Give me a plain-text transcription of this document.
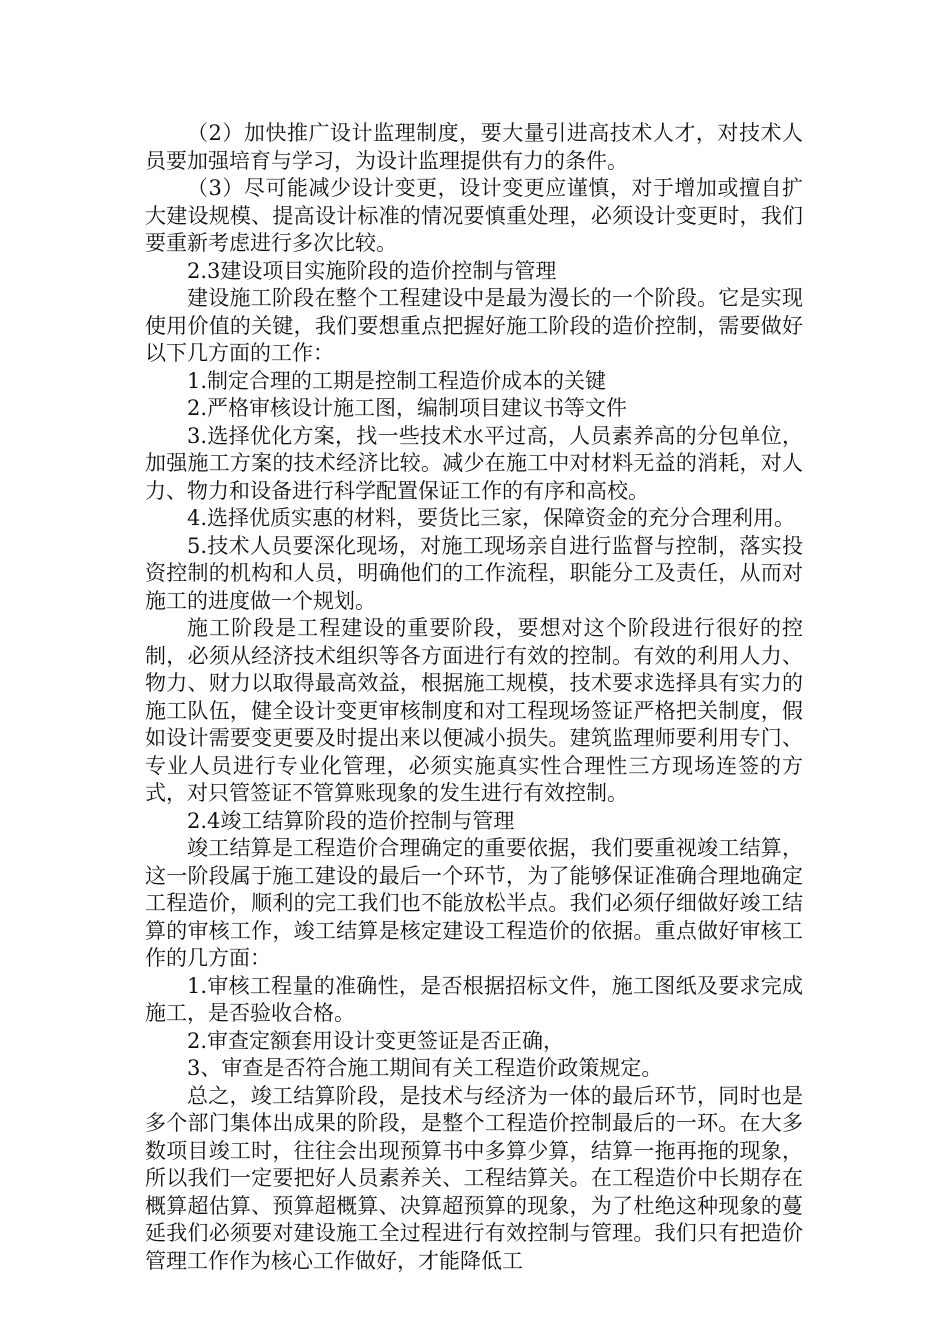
（2）加快推广设计监理制度，要大量引进高技术人才，对技术人员要加强培育与学习，为设计监理提供有力的条件。

（3）尽可能减少设计变更，设计变更应谨慎，对于增加或擅自扩大建设规模、提高设计标准的情况要慎重处理，必须设计变更时，我们要重新考虑进行多次比较。

2.3建设项目实施阶段的造价控制与管理

建设施工阶段在整个工程建设中是最为漫长的一个阶段。它是实现使用价值的关键，我们要想重点把握好施工阶段的造价控制，需要做好以下几方面的工作：

1.制定合理的工期是控制工程造价成本的关键

2.严格审核设计施工图，编制项目建议书等文件

3.选择优化方案，找一些技术水平过高，人员素养高的分包单位，加强施工方案的技术经济比较。减少在施工中对材料无益的消耗，对人力、物力和设备进行科学配置保证工作的有序和高校。

4.选择优质实惠的材料，要货比三家，保障资金的充分合理利用。

5.技术人员要深化现场，对施工现场亲自进行监督与控制，落实投资控制的机构和人员，明确他们的工作流程，职能分工及责任，从而对施工的进度做一个规划。

施工阶段是工程建设的重要阶段，要想对这个阶段进行很好的控制，必须从经济技术组织等各方面进行有效的控制。有效的利用人力、物力、财力以取得最高效益，根据施工规模，技术要求选择具有实力的施工队伍，健全设计变更审核制度和对工程现场签证严格把关制度，假如设计需要变更要及时提出来以便减小损失。建筑监理师要利用专门、专业人员进行专业化管理，必须实施真实性合理性三方现场连签的方式，对只管签证不管算账现象的发生进行有效控制。

2.4竣工结算阶段的造价控制与管理

竣工结算是工程造价合理确定的重要依据，我们要重视竣工结算，这一阶段属于施工建设的最后一个环节，为了能够保证准确合理地确定工程造价，顺利的完工我们也不能放松半点。我们必须仔细做好竣工结算的审核工作，竣工结算是核定建设工程造价的依据。重点做好审核工作的几方面：

1.审核工程量的准确性，是否根据招标文件，施工图纸及要求完成施工，是否验收合格。

2.审查定额套用设计变更签证是否正确，

3、审查是否符合施工期间有关工程造价政策规定。

总之，竣工结算阶段，是技术与经济为一体的最后环节，同时也是多个部门集体出成果的阶段，是整个工程造价控制最后的一环。在大多数项目竣工时，往往会出现预算书中多算少算，结算一拖再拖的现象，所以我们一定要把好人员素养关、工程结算关。在工程造价中长期存在概算超估算、预算超概算、决算超预算的现象，为了杜绝这种现象的蔓延我们必须要对建设施工全过程进行有效控制与管理。我们只有把造价管理工作作为核心工作做好，才能降低工
